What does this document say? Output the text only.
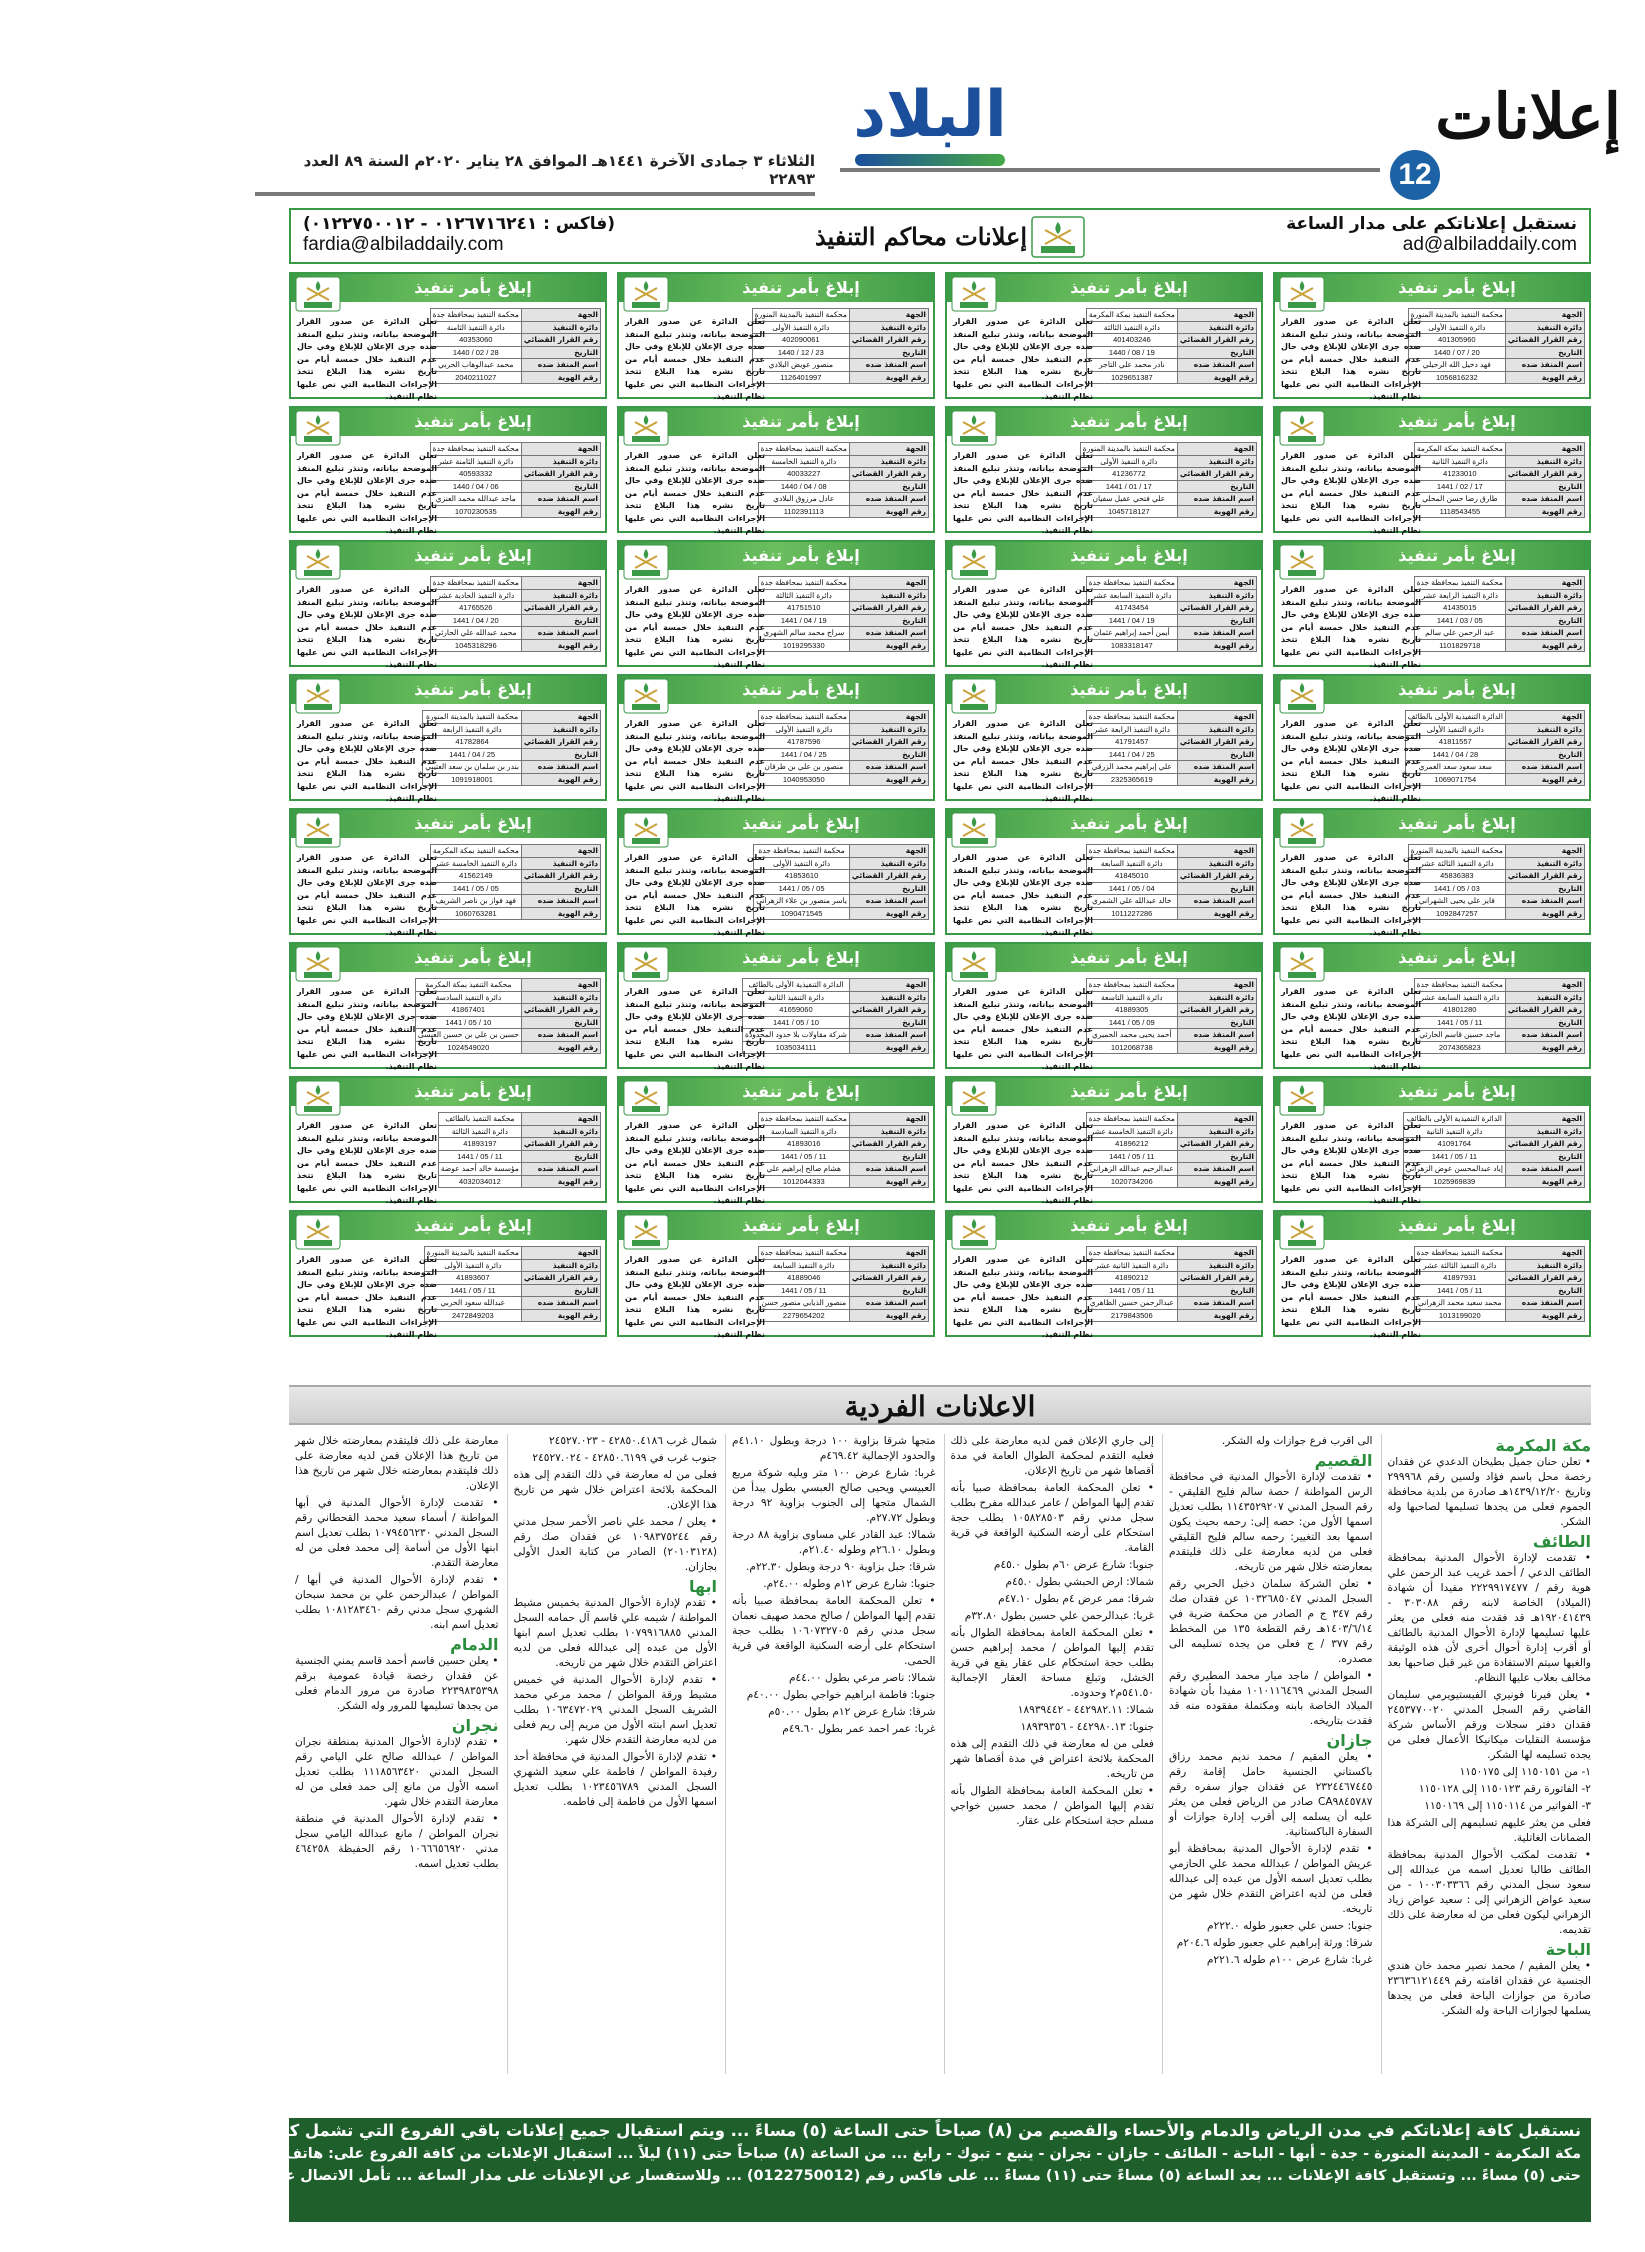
إعلانات
12
البلاد
الثلاثاء ٣ جمادى الآخرة ١٤٤١هـ الموافق ٢٨ يناير ٢٠٢٠م السنة ٨٩ العدد ٢٢٨٩٣
نستقبل إعلاناتكم على مدار الساعة
ad@albiladdaily.com
إعلانات محاكم التنفيذ
(فاكس : ٠١٢٦٧١٦٢٤١ - ٠١٢٢٧٥٠٠١٢)
fardia@albiladdaily.com
إبلاغ بأمر تنفيذ
الجهة	محكمة التنفيذ بالمدينة المنورة
دائرة التنفيذ	دائرة التنفيذ الأولى
رقم القرار القضائي	401305960
التاريخ	20 / 07 / 1440
اسم المنفذ ضده	فهد دخيل الله الرحيلي
رقم الهوية	1056816232
تعلن الدائرة عن صدور القرار الموضحة بياناته، وتنذر تبليغ المنفذ ضده جرى الإعلان للإبلاغ وفي حال عدم التنفيذ خلال خمسة أيام من تاريخ نشره هذا البلاغ تتخذ الإجراءات النظامية التي نص عليها نظام التنفيذ.
إبلاغ بأمر تنفيذ
الجهة	محكمة التنفيذ بمكة المكرمة
دائرة التنفيذ	دائرة التنفيذ الثالثة
رقم القرار القضائي	401403246
التاريخ	19 / 08 / 1440
اسم المنفذ ضده	نادر محمد علي التاجر
رقم الهوية	1029651387
تعلن الدائرة عن صدور القرار الموضحة بياناته، وتنذر تبليغ المنفذ ضده جرى الإعلان للإبلاغ وفي حال عدم التنفيذ خلال خمسة أيام من تاريخ نشره هذا البلاغ تتخذ الإجراءات النظامية التي نص عليها نظام التنفيذ.
إبلاغ بأمر تنفيذ
الجهة	محكمة التنفيذ بالمدينة المنورة
دائرة التنفيذ	دائرة التنفيذ الأولى
رقم القرار القضائي	402090061
التاريخ	23 / 12 / 1440
اسم المنفذ ضده	منصور عويض البلادي
رقم الهوية	1126401997
تعلن الدائرة عن صدور القرار الموضحة بياناته، وتنذر تبليغ المنفذ ضده جرى الإعلان للإبلاغ وفي حال عدم التنفيذ خلال خمسة أيام من تاريخ نشره هذا البلاغ تتخذ الإجراءات النظامية التي نص عليها نظام التنفيذ.
إبلاغ بأمر تنفيذ
الجهة	محكمة التنفيذ بمحافظة جدة
دائرة التنفيذ	دائرة التنفيذ الثامنة
رقم القرار القضائي	40353060
التاريخ	28 / 02 / 1440
اسم المنفذ ضده	محمد عبدالوهاب الحربي
رقم الهوية	2040211027
تعلن الدائرة عن صدور القرار الموضحة بياناته، وتنذر تبليغ المنفذ ضده جرى الإعلان للإبلاغ وفي حال عدم التنفيذ خلال خمسة أيام من تاريخ نشره هذا البلاغ تتخذ الإجراءات النظامية التي نص عليها نظام التنفيذ.
إبلاغ بأمر تنفيذ
الجهة	محكمة التنفيذ بمكة المكرمة
دائرة التنفيذ	دائرة التنفيذ الثانية
رقم القرار القضائي	41233010
التاريخ	17 / 02 / 1441
اسم المنفذ ضده	طارق رضا حسن المحلي
رقم الهوية	1118543455
تعلن الدائرة عن صدور القرار الموضحة بياناته، وتنذر تبليغ المنفذ ضده جرى الإعلان للإبلاغ وفي حال عدم التنفيذ خلال خمسة أيام من تاريخ نشره هذا البلاغ تتخذ الإجراءات النظامية التي نص عليها نظام التنفيذ.
إبلاغ بأمر تنفيذ
الجهة	محكمة التنفيذ بالمدينة المنورة
دائرة التنفيذ	دائرة التنفيذ الأولى
رقم القرار القضائي	41236772
التاريخ	17 / 01 / 1441
اسم المنفذ ضده	علي فتحي عقيل سفيان
رقم الهوية	1045718127
تعلن الدائرة عن صدور القرار الموضحة بياناته، وتنذر تبليغ المنفذ ضده جرى الإعلان للإبلاغ وفي حال عدم التنفيذ خلال خمسة أيام من تاريخ نشره هذا البلاغ تتخذ الإجراءات النظامية التي نص عليها نظام التنفيذ.
إبلاغ بأمر تنفيذ
الجهة	محكمة التنفيذ بمحافظة جدة
دائرة التنفيذ	دائرة التنفيذ الخامسة
رقم القرار القضائي	40033227
التاريخ	08 / 04 / 1440
اسم المنفذ ضده	عادل مرزوق البلادي
رقم الهوية	1102391113
تعلن الدائرة عن صدور القرار الموضحة بياناته، وتنذر تبليغ المنفذ ضده جرى الإعلان للإبلاغ وفي حال عدم التنفيذ خلال خمسة أيام من تاريخ نشره هذا البلاغ تتخذ الإجراءات النظامية التي نص عليها نظام التنفيذ.
إبلاغ بأمر تنفيذ
الجهة	محكمة التنفيذ بمحافظة جدة
دائرة التنفيذ	دائرة التنفيذ الثامنة عشر
رقم القرار القضائي	40593332
التاريخ	06 / 04 / 1440
اسم المنفذ ضده	ماجد عبدالله محمد العنزي
رقم الهوية	1070230535
تعلن الدائرة عن صدور القرار الموضحة بياناته، وتنذر تبليغ المنفذ ضده جرى الإعلان للإبلاغ وفي حال عدم التنفيذ خلال خمسة أيام من تاريخ نشره هذا البلاغ تتخذ الإجراءات النظامية التي نص عليها نظام التنفيذ.
إبلاغ بأمر تنفيذ
الجهة	محكمة التنفيذ بمحافظة جدة
دائرة التنفيذ	دائرة التنفيذ الرابعة عشر
رقم القرار القضائي	41435015
التاريخ	05 / 03 / 1441
اسم المنفذ ضده	عبد الرحمن علي سالم
رقم الهوية	1101829718
تعلن الدائرة عن صدور القرار الموضحة بياناته، وتنذر تبليغ المنفذ ضده جرى الإعلان للإبلاغ وفي حال عدم التنفيذ خلال خمسة أيام من تاريخ نشره هذا البلاغ تتخذ الإجراءات النظامية التي نص عليها نظام التنفيذ.
إبلاغ بأمر تنفيذ
الجهة	محكمة التنفيذ بمحافظة جدة
دائرة التنفيذ	دائرة التنفيذ السابعة عشر
رقم القرار القضائي	41743454
التاريخ	19 / 04 / 1441
اسم المنفذ ضده	أيمن أحمد إبراهيم عثمان
رقم الهوية	1083318147
تعلن الدائرة عن صدور القرار الموضحة بياناته، وتنذر تبليغ المنفذ ضده جرى الإعلان للإبلاغ وفي حال عدم التنفيذ خلال خمسة أيام من تاريخ نشره هذا البلاغ تتخذ الإجراءات النظامية التي نص عليها نظام التنفيذ.
إبلاغ بأمر تنفيذ
الجهة	محكمة التنفيذ بمحافظة جدة
دائرة التنفيذ	دائرة التنفيذ الثالثة
رقم القرار القضائي	41751510
التاريخ	19 / 04 / 1441
اسم المنفذ ضده	سراج محمد سالم الشهري
رقم الهوية	1019295330
تعلن الدائرة عن صدور القرار الموضحة بياناته، وتنذر تبليغ المنفذ ضده جرى الإعلان للإبلاغ وفي حال عدم التنفيذ خلال خمسة أيام من تاريخ نشره هذا البلاغ تتخذ الإجراءات النظامية التي نص عليها نظام التنفيذ.
إبلاغ بأمر تنفيذ
الجهة	محكمة التنفيذ بمحافظة جدة
دائرة التنفيذ	دائرة التنفيذ الحادية عشر
رقم القرار القضائي	41765526
التاريخ	20 / 04 / 1441
اسم المنفذ ضده	محمد عبدالله علي الحارثي
رقم الهوية	1045318296
تعلن الدائرة عن صدور القرار الموضحة بياناته، وتنذر تبليغ المنفذ ضده جرى الإعلان للإبلاغ وفي حال عدم التنفيذ خلال خمسة أيام من تاريخ نشره هذا البلاغ تتخذ الإجراءات النظامية التي نص عليها نظام التنفيذ.
إبلاغ بأمر تنفيذ
الجهة	الدائرة التنفيذية الأولى بالطائف
دائرة التنفيذ	دائرة التنفيذ الأولى
رقم القرار القضائي	41811557
التاريخ	28 / 04 / 1441
اسم المنفذ ضده	سعد سعود سعد العمري
رقم الهوية	1069071754
تعلن الدائرة عن صدور القرار الموضحة بياناته، وتنذر تبليغ المنفذ ضده جرى الإعلان للإبلاغ وفي حال عدم التنفيذ خلال خمسة أيام من تاريخ نشره هذا البلاغ تتخذ الإجراءات النظامية التي نص عليها نظام التنفيذ.
إبلاغ بأمر تنفيذ
الجهة	محكمة التنفيذ بمحافظة جدة
دائرة التنفيذ	دائرة التنفيذ الرابعة عشر
رقم القرار القضائي	41791457
التاريخ	25 / 04 / 1441
اسم المنفذ ضده	علي إبراهيم محمد الزرقي
رقم الهوية	2325365619
تعلن الدائرة عن صدور القرار الموضحة بياناته، وتنذر تبليغ المنفذ ضده جرى الإعلان للإبلاغ وفي حال عدم التنفيذ خلال خمسة أيام من تاريخ نشره هذا البلاغ تتخذ الإجراءات النظامية التي نص عليها نظام التنفيذ.
إبلاغ بأمر تنفيذ
الجهة	محكمة التنفيذ بمحافظة جدة
دائرة التنفيذ	دائرة التنفيذ الأولى
رقم القرار القضائي	41787596
التاريخ	25 / 04 / 1441
اسم المنفذ ضده	منصور بن علي بن طرقان
رقم الهوية	1040953050
تعلن الدائرة عن صدور القرار الموضحة بياناته، وتنذر تبليغ المنفذ ضده جرى الإعلان للإبلاغ وفي حال عدم التنفيذ خلال خمسة أيام من تاريخ نشره هذا البلاغ تتخذ الإجراءات النظامية التي نص عليها نظام التنفيذ.
إبلاغ بأمر تنفيذ
الجهة	محكمة التنفيذ بالمدينة المنورة
دائرة التنفيذ	دائرة التنفيذ الرابعة
رقم القرار القضائي	41782864
التاريخ	25 / 04 / 1441
اسم المنفذ ضده	بندر بن سلمان بن سعد العتيبي
رقم الهوية	1091918001
تعلن الدائرة عن صدور القرار الموضحة بياناته، وتنذر تبليغ المنفذ ضده جرى الإعلان للإبلاغ وفي حال عدم التنفيذ خلال خمسة أيام من تاريخ نشره هذا البلاغ تتخذ الإجراءات النظامية التي نص عليها نظام التنفيذ.
إبلاغ بأمر تنفيذ
الجهة	محكمة التنفيذ بالمدينة المنورة
دائرة التنفيذ	دائرة التنفيذ الثالثة عشر
رقم القرار القضائي	45836383
التاريخ	03 / 05 / 1441
اسم المنفذ ضده	فايز علي يحيى الشهراني
رقم الهوية	1092847257
تعلن الدائرة عن صدور القرار الموضحة بياناته، وتنذر تبليغ المنفذ ضده جرى الإعلان للإبلاغ وفي حال عدم التنفيذ خلال خمسة أيام من تاريخ نشره هذا البلاغ تتخذ الإجراءات النظامية التي نص عليها نظام التنفيذ.
إبلاغ بأمر تنفيذ
الجهة	محكمة التنفيذ بمحافظة جدة
دائرة التنفيذ	دائرة التنفيذ السابعة
رقم القرار القضائي	41845010
التاريخ	04 / 05 / 1441
اسم المنفذ ضده	خالد عبدالله علي الشمري
رقم الهوية	1011227286
تعلن الدائرة عن صدور القرار الموضحة بياناته، وتنذر تبليغ المنفذ ضده جرى الإعلان للإبلاغ وفي حال عدم التنفيذ خلال خمسة أيام من تاريخ نشره هذا البلاغ تتخذ الإجراءات النظامية التي نص عليها نظام التنفيذ.
إبلاغ بأمر تنفيذ
الجهة	محكمة التنفيذ بمحافظة جدة
دائرة التنفيذ	دائرة التنفيذ الأولى
رقم القرار القضائي	41853610
التاريخ	05 / 05 / 1441
اسم المنفذ ضده	ياسر منصور بن علاء الزهراني
رقم الهوية	1090471545
تعلن الدائرة عن صدور القرار الموضحة بياناته، وتنذر تبليغ المنفذ ضده جرى الإعلان للإبلاغ وفي حال عدم التنفيذ خلال خمسة أيام من تاريخ نشره هذا البلاغ تتخذ الإجراءات النظامية التي نص عليها نظام التنفيذ.
إبلاغ بأمر تنفيذ
الجهة	محكمة التنفيذ بمكة المكرمة
دائرة التنفيذ	دائرة التنفيذ الخامسة عشر
رقم القرار القضائي	41562149
التاريخ	05 / 05 / 1441
اسم المنفذ ضده	فهد فواز بن ناصر الشريف
رقم الهوية	1060763281
تعلن الدائرة عن صدور القرار الموضحة بياناته، وتنذر تبليغ المنفذ ضده جرى الإعلان للإبلاغ وفي حال عدم التنفيذ خلال خمسة أيام من تاريخ نشره هذا البلاغ تتخذ الإجراءات النظامية التي نص عليها نظام التنفيذ.
إبلاغ بأمر تنفيذ
الجهة	محكمة التنفيذ بمحافظة جدة
دائرة التنفيذ	دائرة التنفيذ السابعة عشر
رقم القرار القضائي	41801280
التاريخ	11 / 05 / 1441
اسم المنفذ ضده	ماجد حسين قاسم الحارثي
رقم الهوية	2074365823
تعلن الدائرة عن صدور القرار الموضحة بياناته، وتنذر تبليغ المنفذ ضده جرى الإعلان للإبلاغ وفي حال عدم التنفيذ خلال خمسة أيام من تاريخ نشره هذا البلاغ تتخذ الإجراءات النظامية التي نص عليها نظام التنفيذ.
إبلاغ بأمر تنفيذ
الجهة	محكمة التنفيذ بمحافظة جدة
دائرة التنفيذ	دائرة التنفيذ التاسعة
رقم القرار القضائي	41889305
التاريخ	09 / 05 / 1441
اسم المنفذ ضده	أحمد يحيى محمد الحميري
رقم الهوية	1012068738
تعلن الدائرة عن صدور القرار الموضحة بياناته، وتنذر تبليغ المنفذ ضده جرى الإعلان للإبلاغ وفي حال عدم التنفيذ خلال خمسة أيام من تاريخ نشره هذا البلاغ تتخذ الإجراءات النظامية التي نص عليها نظام التنفيذ.
إبلاغ بأمر تنفيذ
الجهة	الدائرة التنفيذية الأولى بالطائف
دائرة التنفيذ	دائرة التنفيذ الثانية
رقم القرار القضائي	41659060
التاريخ	10 / 05 / 1441
اسم المنفذ ضده	شركة مقاولات بلا حدود المحدودة
رقم الهوية	1035034111
تعلن الدائرة عن صدور القرار الموضحة بياناته، وتنذر تبليغ المنفذ ضده جرى الإعلان للإبلاغ وفي حال عدم التنفيذ خلال خمسة أيام من تاريخ نشره هذا البلاغ تتخذ الإجراءات النظامية التي نص عليها نظام التنفيذ.
إبلاغ بأمر تنفيذ
الجهة	محكمة التنفيذ بمكة المكرمة
دائرة التنفيذ	دائرة التنفيذ السادسة
رقم القرار القضائي	41867401
التاريخ	10 / 05 / 1441
اسم المنفذ ضده	حسين بن علي بن حسين العيسى
رقم الهوية	1024549020
تعلن الدائرة عن صدور القرار الموضحة بياناته، وتنذر تبليغ المنفذ ضده جرى الإعلان للإبلاغ وفي حال عدم التنفيذ خلال خمسة أيام من تاريخ نشره هذا البلاغ تتخذ الإجراءات النظامية التي نص عليها نظام التنفيذ.
إبلاغ بأمر تنفيذ
الجهة	الدائرة التنفيذية الأولى بالطائف
دائرة التنفيذ	دائرة التنفيذ الثانية
رقم القرار القضائي	41091764
التاريخ	11 / 05 / 1441
اسم المنفذ ضده	إياد عبدالمحسن عوض الزهراني
رقم الهوية	1025969839
تعلن الدائرة عن صدور القرار الموضحة بياناته، وتنذر تبليغ المنفذ ضده جرى الإعلان للإبلاغ وفي حال عدم التنفيذ خلال خمسة أيام من تاريخ نشره هذا البلاغ تتخذ الإجراءات النظامية التي نص عليها نظام التنفيذ.
إبلاغ بأمر تنفيذ
الجهة	محكمة التنفيذ بمحافظة جدة
دائرة التنفيذ	دائرة التنفيذ الخامسة عشر
رقم القرار القضائي	41896212
التاريخ	11 / 05 / 1441
اسم المنفذ ضده	عبدالرحيم عبدالله الزهراني
رقم الهوية	1020734206
تعلن الدائرة عن صدور القرار الموضحة بياناته، وتنذر تبليغ المنفذ ضده جرى الإعلان للإبلاغ وفي حال عدم التنفيذ خلال خمسة أيام من تاريخ نشره هذا البلاغ تتخذ الإجراءات النظامية التي نص عليها نظام التنفيذ.
إبلاغ بأمر تنفيذ
الجهة	محكمة التنفيذ بمحافظة جدة
دائرة التنفيذ	دائرة التنفيذ السادسة
رقم القرار القضائي	41893016
التاريخ	11 / 05 / 1441
اسم المنفذ ضده	هشام صالح إبراهيم علي
رقم الهوية	1012044333
تعلن الدائرة عن صدور القرار الموضحة بياناته، وتنذر تبليغ المنفذ ضده جرى الإعلان للإبلاغ وفي حال عدم التنفيذ خلال خمسة أيام من تاريخ نشره هذا البلاغ تتخذ الإجراءات النظامية التي نص عليها نظام التنفيذ.
إبلاغ بأمر تنفيذ
الجهة	محكمة التنفيذ بالطائف
دائرة التنفيذ	دائرة التنفيذ الثالثة
رقم القرار القضائي	41893197
التاريخ	11 / 05 / 1441
اسم المنفذ ضده	مؤسسة خالد أحمد عوضة
رقم الهوية	4032034012
تعلن الدائرة عن صدور القرار الموضحة بياناته، وتنذر تبليغ المنفذ ضده جرى الإعلان للإبلاغ وفي حال عدم التنفيذ خلال خمسة أيام من تاريخ نشره هذا البلاغ تتخذ الإجراءات النظامية التي نص عليها نظام التنفيذ.
إبلاغ بأمر تنفيذ
الجهة	محكمة التنفيذ بمحافظة جدة
دائرة التنفيذ	دائرة التنفيذ الثالثة عشر
رقم القرار القضائي	41897931
التاريخ	11 / 05 / 1441
اسم المنفذ ضده	محمد سعيد محمد الزهراني
رقم الهوية	1013199020
تعلن الدائرة عن صدور القرار الموضحة بياناته، وتنذر تبليغ المنفذ ضده جرى الإعلان للإبلاغ وفي حال عدم التنفيذ خلال خمسة أيام من تاريخ نشره هذا البلاغ تتخذ الإجراءات النظامية التي نص عليها نظام التنفيذ.
إبلاغ بأمر تنفيذ
الجهة	محكمة التنفيذ بمحافظة جدة
دائرة التنفيذ	دائرة التنفيذ الثانية عشر
رقم القرار القضائي	41890212
التاريخ	11 / 05 / 1441
اسم المنفذ ضده	عبدالرحمن حسين الظاهري
رقم الهوية	2179843506
تعلن الدائرة عن صدور القرار الموضحة بياناته، وتنذر تبليغ المنفذ ضده جرى الإعلان للإبلاغ وفي حال عدم التنفيذ خلال خمسة أيام من تاريخ نشره هذا البلاغ تتخذ الإجراءات النظامية التي نص عليها نظام التنفيذ.
إبلاغ بأمر تنفيذ
الجهة	محكمة التنفيذ بمحافظة جدة
دائرة التنفيذ	دائرة التنفيذ السابعة
رقم القرار القضائي	41889046
التاريخ	11 / 05 / 1441
اسم المنفذ ضده	منصور الذيابي منصور حسن
رقم الهوية	2279654202
تعلن الدائرة عن صدور القرار الموضحة بياناته، وتنذر تبليغ المنفذ ضده جرى الإعلان للإبلاغ وفي حال عدم التنفيذ خلال خمسة أيام من تاريخ نشره هذا البلاغ تتخذ الإجراءات النظامية التي نص عليها نظام التنفيذ.
إبلاغ بأمر تنفيذ
الجهة	محكمة التنفيذ بالمدينة المنورة
دائرة التنفيذ	دائرة التنفيذ الأولى
رقم القرار القضائي	41893607
التاريخ	11 / 05 / 1441
اسم المنفذ ضده	عبدالله سعود الحربي
رقم الهوية	2472849203
تعلن الدائرة عن صدور القرار الموضحة بياناته، وتنذر تبليغ المنفذ ضده جرى الإعلان للإبلاغ وفي حال عدم التنفيذ خلال خمسة أيام من تاريخ نشره هذا البلاغ تتخذ الإجراءات النظامية التي نص عليها نظام التنفيذ.
الاعلانات الفردية
مكة المكرمة
• تعلن حنان جميل بطيخان الدعدي عن فقدان رخصة محل باسم فؤاد ولسين رقم ٢٩٩٩٦٨ وتاريخ ١٤٣٩/١٢/٢٠هـ صادرة من بلدية محافظة الجموم فعلى من يجدها تسليمها لصاحبها وله الشكر.
الطائف
• تقدمت لإدارة الأحوال المدنية بمحافظة الطائف الدعي / أحمد غريب عبد الرحمن علي هوية رقم / ٢٢٢٩٩١٧٤٧٧ مفيدا أن شهادة (الميلاد) الخاصة لابنه رقم ٣٠٣٠٨٨ - ١٩٢٠٤١٤٣٩هـ قد فقدت منه فعلى من يعثر عليها تسليمها لإدارة الأحوال المدنية بالطائف أو أقرب إدارة أحوال أخرى لأن هذه الوثيقة والغيها سيتم الاستفادة من غير قبل صاحبها بعد مخالف بعلاب عليها النظام.
• يعلن فيرنا فونيري الفيستيويرمي سليمان القاضي رقم السجل المدني ٢٤٥٣٧٧٠٠٢٠ فقدان دفتر سجلات ورقم الأساس شركة مؤسسة النقليات ميكانيكا الأعمال فعلى من يجده تسليمه لها الشكر.
١- من ١١٥٠١٥١ إلى ١١٥٠١٧٥
٢- الفاتورة رقم ١١٥٠١٢٣ إلى ١١٥٠١٢٨
٣- الفواتير من ١١٥٠١١٤ إلى ١١٥٠١٦٩
فعلى من يعثر عليهم تسليمهم إلى الشركة هذا الضمانات الغاتلية.
• تقدمت لمكتب الأحوال المدنية بمحافظة الطائف طالبا تعديل اسمه من عبدالله إلى سعود سجل المدني رقم ١٠٠٣٠٣٣٦٦ - من سعيد عواض الزهراني إلى : سعيد عواض زياد الزهراني ليكون فعلى من له معارضة على ذلك تقديمه.
الباحة
• يعلن المقيم / محمد نصير محمد خان هندي الجنسية عن فقدان اقامته رقم ٢٣٦٣٦١٢١٤٤٩ صادرة من جوازات الباحة فعلى من يجدها يسلمها لجوازات الباحة وله الشكر.
الى اقرب فرع جوازات وله الشكر.
القصيم
• تقدمت لإدارة الأحوال المدنية في محافظة الرس المواطنة / حصة سالم فليح القليقي - رقم السجل المدني ١١٤٣٥٢٩٢٠٧ بطلب تعديل اسمها الأول من: حصه إلى: رحمه بحيث يكون اسمها بعد التغيير: رحمه سالم فليح القليقي فعلى من لديه معارضة على ذلك فليتقدم بمعارضته خلال شهر من تاريخه.
• تعلن الشركة سلمان دخيل الحربي رقم السجل المدني ١٠٣٢٦٨٥٠٤٧ عن فقدان صك رقم ٣٤٧ ج م الصادر من محكمة ضرية في ١٤٠٣/٦/١٤هـ رقم القطعة ١٣٥ من المخطط رقم ٣٧٧ / ج فعلى من يجده تسليمه الى مصدره.
• المواطن / ماجد ميار محمد المطيري رقم السجل المدني ١٠١٠١١٦٤٦٩ مفيدا بأن شهادة الميلاد الخاصة بابنه ومكتملة مفقوده منه قد فقدت بتاريخه.
جازان
• يعلن المقيم / محمد نديم محمد رزاق باكستاني الجنسية حامل إقامة رقم ٢٣٢٤٤٦٧٤٤٥ عن فقدان جواز سفره رقم CA٩٨٤٥٧٨٧ صادر من الرياض فعلى من يعثر عليه أن يسلمه إلى أقرب إدارة جوازات أو السفارة الباكستانية.
• تقدم لإدارة الأحوال المدنية بمحافظة أبو عريش المواطن / عبدالله محمد علي الحازمي بطلب تعديل اسمه الأول من عبده إلى عبدالله فعلى من لديه اعتراض التقدم خلال شهر من تاريخه.
جنوبا: حسن علي جعبور طوله ٢٢٢.٠م
شرقا: ورثة إبراهيم علي جعبور طوله ٢٠٤.٦م
غربا: شارع عرض ١٠٠م طوله ٢٢١.٦م
إلى جاري الإعلان فمن لديه معارضة على ذلك فعليه التقدم لمحكمة الطوال العامة في مدة أقصاها شهر من تاريخ الإعلان.
• تعلن المحكمة العامة بمحافظة صبيا بأنه تقدم إليها المواطن / عامر عبدالله مفرح بطلب سجل مدني رقم ١٠٥٨٢٨٥٠٣ بطلب حجة استحكام على أرضه السكنية الواقعة في قرية القامة.
جنوبا: شارع عرض ٦٠م بطول ٤٥.٠م
شمالا: ارض الحبشي بطول ٤٥.٠م
شرقا: ممر عرض ٤م بطول ٤٧.١٠م
غربا: عبدالرحمن علي حسين بطول ٣٢.٨٠م
• تعلن المحكمة العامة بمحافظة الطوال بأنه تقدم إليها المواطن / محمد إبراهيم حسن بطلب حجة استحكام على عقار يقع في قرية الخشل، وتبلغ مساحة العقار الإجمالية ٥٤١.٥٠م٢ وحدوده.
شمالا: ٤٤٢٩٨٢.١١ - ١٨٩٣٩٤٤٢
جنوبا: ٤٤٢٩٨٠.١٣ - ١٨٩٣٩٣٥٦
فعلى من له معارضة في ذلك التقدم إلى هذه المحكمة بلائحة اعتراض في مدة أقصاها شهر من تاريخه.
• تعلن المحكمة العامة بمحافظة الطوال بأنه تقدم إليها المواطن / محمد حسين خواجي مسلم حجة استحكام على عقار.
متجها شرقا بزاوية ١٠٠ درجة وبطول ٤١.١٠م والحدود الإجمالية ٤٦٩.٤٢م
غربا: شارع عرض ١٠٠ متر ويليه شوكة مريع العبيسي ويحيى صالح العبسي بطول يبدأ من الشمال متجها إلى الجنوب بزاوية ٩٢ درجة وبطول ٢٧.٧٢م.
شمالا: عبد القادر علي مساوى بزاوية ٨٨ درجة وبطول ٢٦.١٠م وطوله ٢١.٤٠م.
شرقا: جبل بزاوية ٩٠ درجة وبطول ٢٢.٣٠م.
جنوبا: شارع عرض ١٢م وطوله ٢٤.٠٠م.
• تعلن المحكمة العامة بمحافظة صبيا بأنه تقدم إليها المواطن / صالح محمد صهيف نعمان سجل مدني رقم ١٠٦٠٧٣٢٧٠٥ بطلب حجة استحكام على أرضه السكنية الواقعة في قرية الحمى.
شمالا: ناصر مرعي بطول ٤٤.٠٠م
جنوبا: فاطمة ابراهيم خواجي بطول ٤٠.٠٠م
شرقا: شارع عرض ١٢م بطول ٥٠.٠٠م
غربا: عمر احمد عمر بطول ٤٩.٦٠م
شمال غرب ٤٢٨٥٠.٤١٨٦ - ٢٤٥٢٧.٠٢٣
جنوب غرب في ٤٢٨٥٠.٦١٩٩ - ٢٤٥٢٧.٠٢٤
فعلى من له معارضة في ذلك التقدم إلى هذه المحكمة بلائحة اعتراض خلال شهر من تاريخ هذا الإعلان.
• يعلن / محمد علي ناصر الأحمر سجل مدني رقم ١٠٩٨٣٧٥٢٤٤ عن فقدان صك رقم (٢٠١٠٣١٢٨) الصادر من كتابة العدل الأولى بجازان.
ابها
• تقدم لإدارة الأحوال المدنية بخميس مشيط المواطنة / شيمه علي قاسم آل حمامه السجل المدني ١٠٧٩٩١٦٨٨٥ بطلب تعديل اسم ابنها الأول من عبده إلى عبدالله فعلى من لديه اعتراض التقدم خلال شهر من تاريخه.
• تقدم لإدارة الأحوال المدنية في خميس مشيط ورقة المواطن / محمد مرعي محمد الشريف السجل المدني ١٠٦٣٤٧٢٠٢٩ بطلب تعديل اسم ابنته الأول من مريم إلى ريم فعلى من لديه معارضة التقدم خلال شهر.
• تقدم لإدارة الأحوال المدنية في محافظة أحد رفيدة المواطن / فاطمة علي سعيد الشهري السجل المدني ١٠٢٣٤٥٦٧٨٩ بطلب تعديل اسمها الأول من فاطمة إلى فاطمه.
معارضة على ذلك فليتقدم بمعارضته خلال شهر من تاريخ هذا الإعلان فمن لديه معارضة على ذلك فليتقدم بمعارضته خلال شهر من تاريخ هذا الإعلان.
• تقدمت لإدارة الأحوال المدنية في أبها المواطنة / أسماء سعيد محمد القحطاني رقم السجل المدني ١٠٧٩٤٥٦٢٣٠ بطلب تعديل اسم ابنها الأول من أسامة إلى محمد فعلى من له معارضة التقدم.
• تقدم لإدارة الأحوال المدنية في أبها / المواطن / عبدالرحمن علي بن محمد سبحان الشهري سجل مدني رقم ١٠٨١٢٨٣٤٦٠ بطلب تعديل اسم ابنه.
الدمام
• يعلن حسين قاسم أحمد قاسم يمني الجنسية عن فقدان رخصة قيادة عمومية برقم ٢٢٣٩٨٣٥٣٩٨ صادرة من مرور الدمام فعلى من يجدها تسليمها للمرور وله الشكر.
نجران
• تقدم لإدارة الأحوال المدنية بمنطقة نجران المواطن / عبدالله صالح علي اليامي رقم السجل المدني ١١١٨٥٦٣٤٢٠ بطلب تعديل اسمه الأول من مانع إلى حمد فعلى من له معارضة التقدم خلال شهر.
• تقدم لإدارة الأحوال المدنية في منطقة نجران المواطن / مانع عبدالله اليامي سجل مدني ١٠٦٦٦٥٦٩٢٠ رقم الحفيظة ٤٦٤٢٥٨ بطلب تعديل اسمه.
نستقبل كافة إعلاناتكم في مدن الرياض والدمام والأحساء والقصيم من (٨) صباحاً حتى الساعة (٥) مساءً ... ويتم استقبال جميع إعلانات باقي الفروع التي تشمل كل من
مكة المكرمة - المدينة المنورة - جدة - أبها - الباحة - الطائف - جازان - نجران - ينبع - تبوك - رابغ ... من الساعة (٨) صباحاً حتى (١١) ليلاً ... استقبال الإعلانات من كافة الفروع على: هاتف (0126711000) فاكس (0126716241)
حتى (٥) مساءً ... وتستقبل كافة الإعلانات ... بعد الساعة (٥) مساءً حتى (١١) مساءً ... على فاكس رقم (0122750012) ... وللاستفسار عن الإعلانات على مدار الساعة ... تأمل الاتصال على جوال (0554470058)
